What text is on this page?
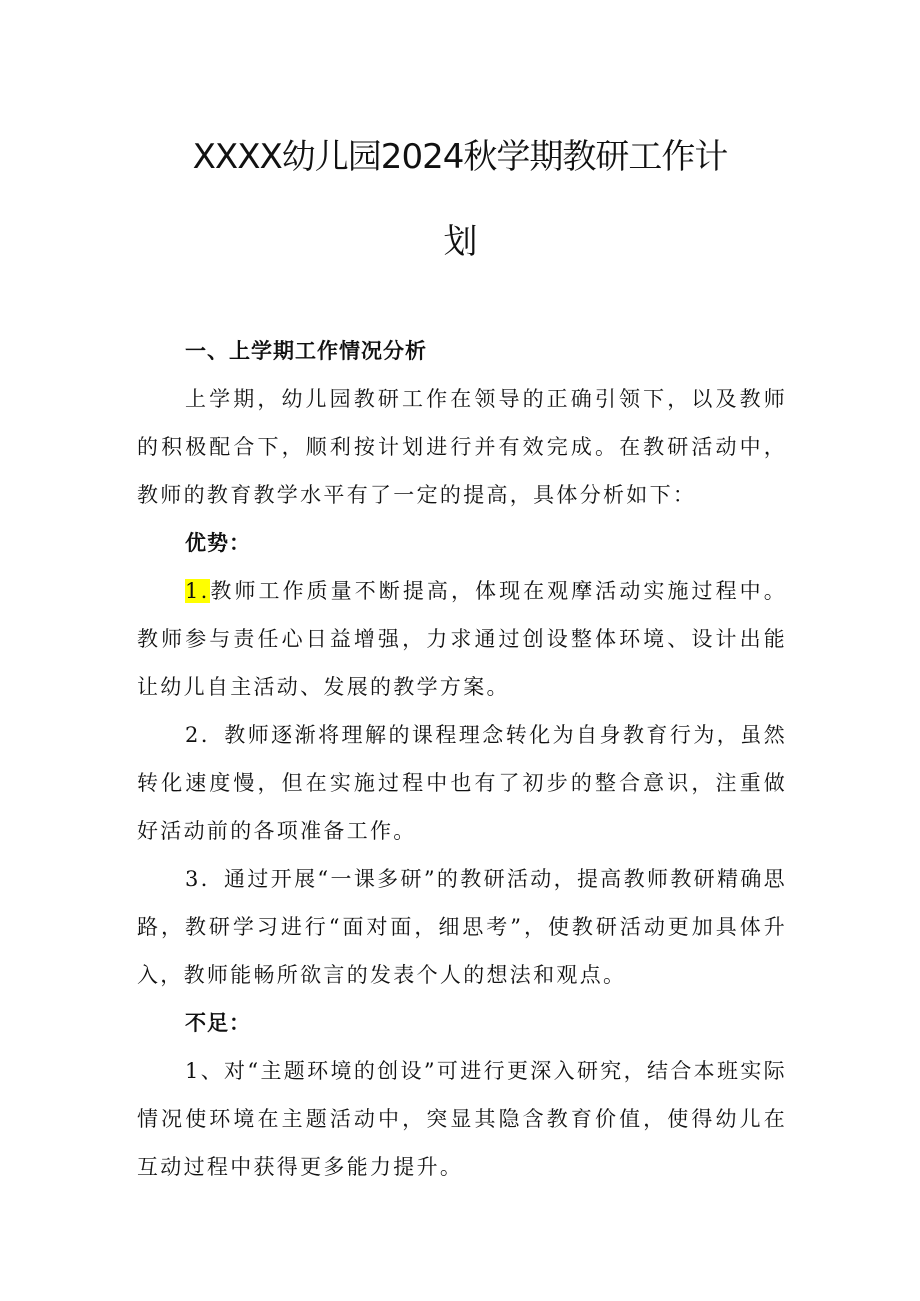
XXXX幼儿园2024秋学期教研工作计
划

一、上学期工作情况分析

上学期，幼儿园教研工作在领导的正确引领下，以及教师的积极配合下，顺利按计划进行并有效完成。在教研活动中，教师的教育教学水平有了一定的提高，具体分析如下：

优势：

1.教师工作质量不断提高，体现在观摩活动实施过程中。教师参与责任心日益增强，力求通过创设整体环境、设计出能让幼儿自主活动、发展的教学方案。

2．教师逐渐将理解的课程理念转化为自身教育行为，虽然转化速度慢，但在实施过程中也有了初步的整合意识，注重做好活动前的各项准备工作。

3．通过开展“一课多研”的教研活动，提高教师教研精确思路，教研学习进行“面对面，细思考”，使教研活动更加具体升入，教师能畅所欲言的发表个人的想法和观点。

不足：

1、对“主题环境的创设”可进行更深入研究，结合本班实际情况使环境在主题活动中，突显其隐含教育价值，使得幼儿在互动过程中获得更多能力提升。
